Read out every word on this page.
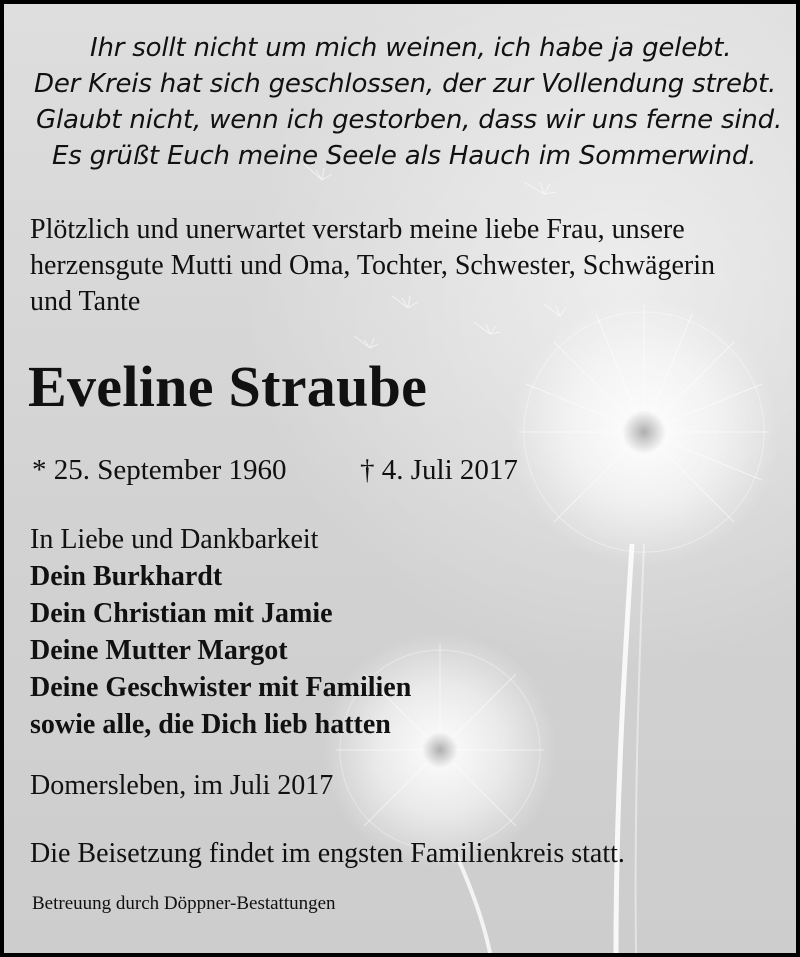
Ihr sollt nicht um mich weinen, ich habe ja gelebt.
Der Kreis hat sich geschlossen, der zur Vollendung strebt.
Glaubt nicht, wenn ich gestorben, dass wir uns ferne sind.
Es grüßt Euch meine Seele als Hauch im Sommerwind.
Plötzlich und unerwartet verstarb meine liebe Frau, unsere
herzensgute Mutti und Oma, Tochter, Schwester, Schwägerin
und Tante
Eveline Straube
* 25. September 1960	† 4. Juli 2017
In Liebe und Dankbarkeit
Dein Burkhardt
Dein Christian mit Jamie
Deine Mutter Margot
Deine Geschwister mit Familien
sowie alle, die Dich lieb hatten
Domersleben, im Juli 2017
Die Beisetzung findet im engsten Familienkreis statt.
Betreuung durch Döppner-Bestattungen
